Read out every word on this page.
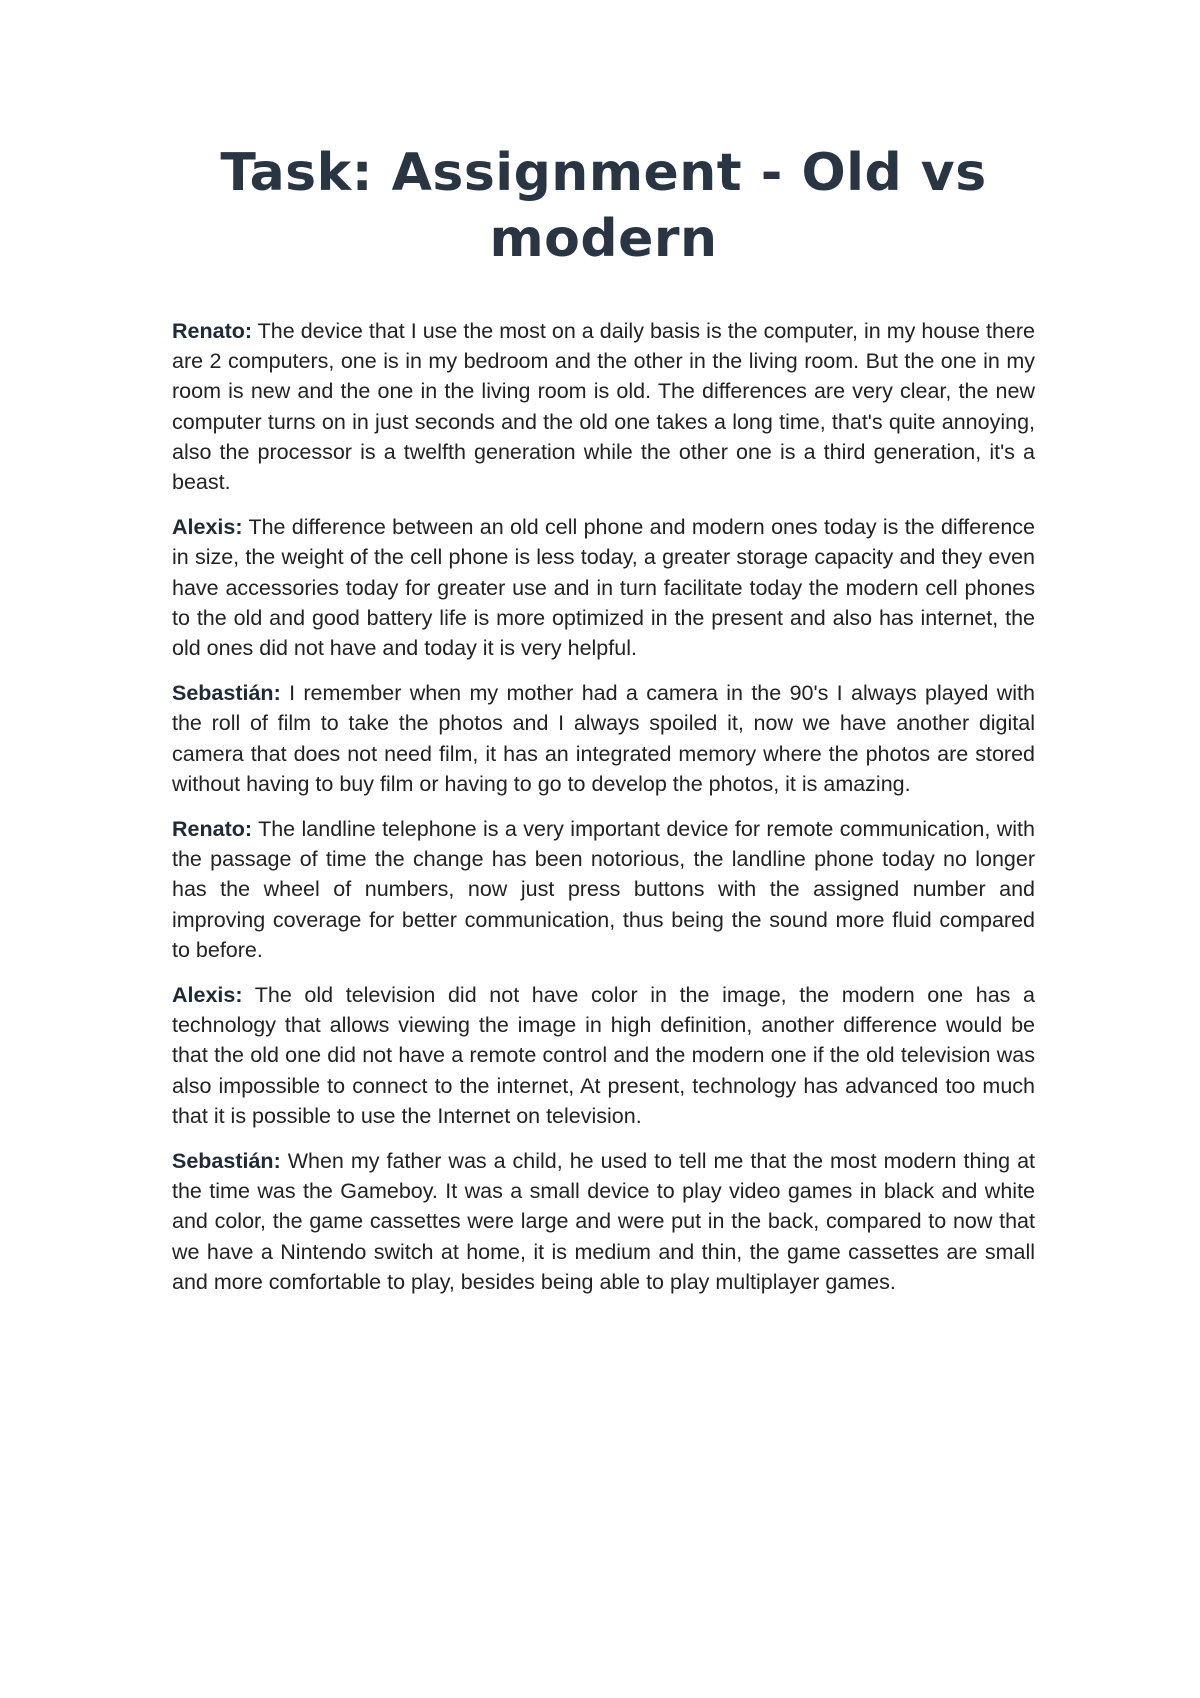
Task: Assignment - Old vs modern

Renato: The device that I use the most on a daily basis is the computer, in my house there are 2 computers, one is in my bedroom and the other in the living room. But the one in my room is new and the one in the living room is old. The differences are very clear, the new computer turns on in just seconds and the old one takes a long time, that's quite annoying, also the processor is a twelfth generation while the other one is a third generation, it's a beast.

Alexis: The difference between an old cell phone and modern ones today is the difference in size, the weight of the cell phone is less today, a greater storage capacity and they even have accessories today for greater use and in turn facilitate today the modern cell phones to the old and good battery life is more optimized in the present and also has internet, the old ones did not have and today it is very helpful.

Sebastián: I remember when my mother had a camera in the 90's I always played with the roll of film to take the photos and I always spoiled it, now we have another digital camera that does not need film, it has an integrated memory where the photos are stored without having to buy film or having to go to develop the photos, it is amazing.

Renato: The landline telephone is a very important device for remote communication, with the passage of time the change has been notorious, the landline phone today no longer has the wheel of numbers, now just press buttons with the assigned number and improving coverage for better communication, thus being the sound more fluid compared to before.

Alexis: The old television did not have color in the image, the modern one has a technology that allows viewing the image in high definition, another difference would be that the old one did not have a remote control and the modern one if the old television was also impossible to connect to the internet, At present, technology has advanced too much that it is possible to use the Internet on television.

Sebastián: When my father was a child, he used to tell me that the most modern thing at the time was the Gameboy. It was a small device to play video games in black and white and color, the game cassettes were large and were put in the back, compared to now that we have a Nintendo switch at home, it is medium and thin, the game cassettes are small and more comfortable to play, besides being able to play multiplayer games.
